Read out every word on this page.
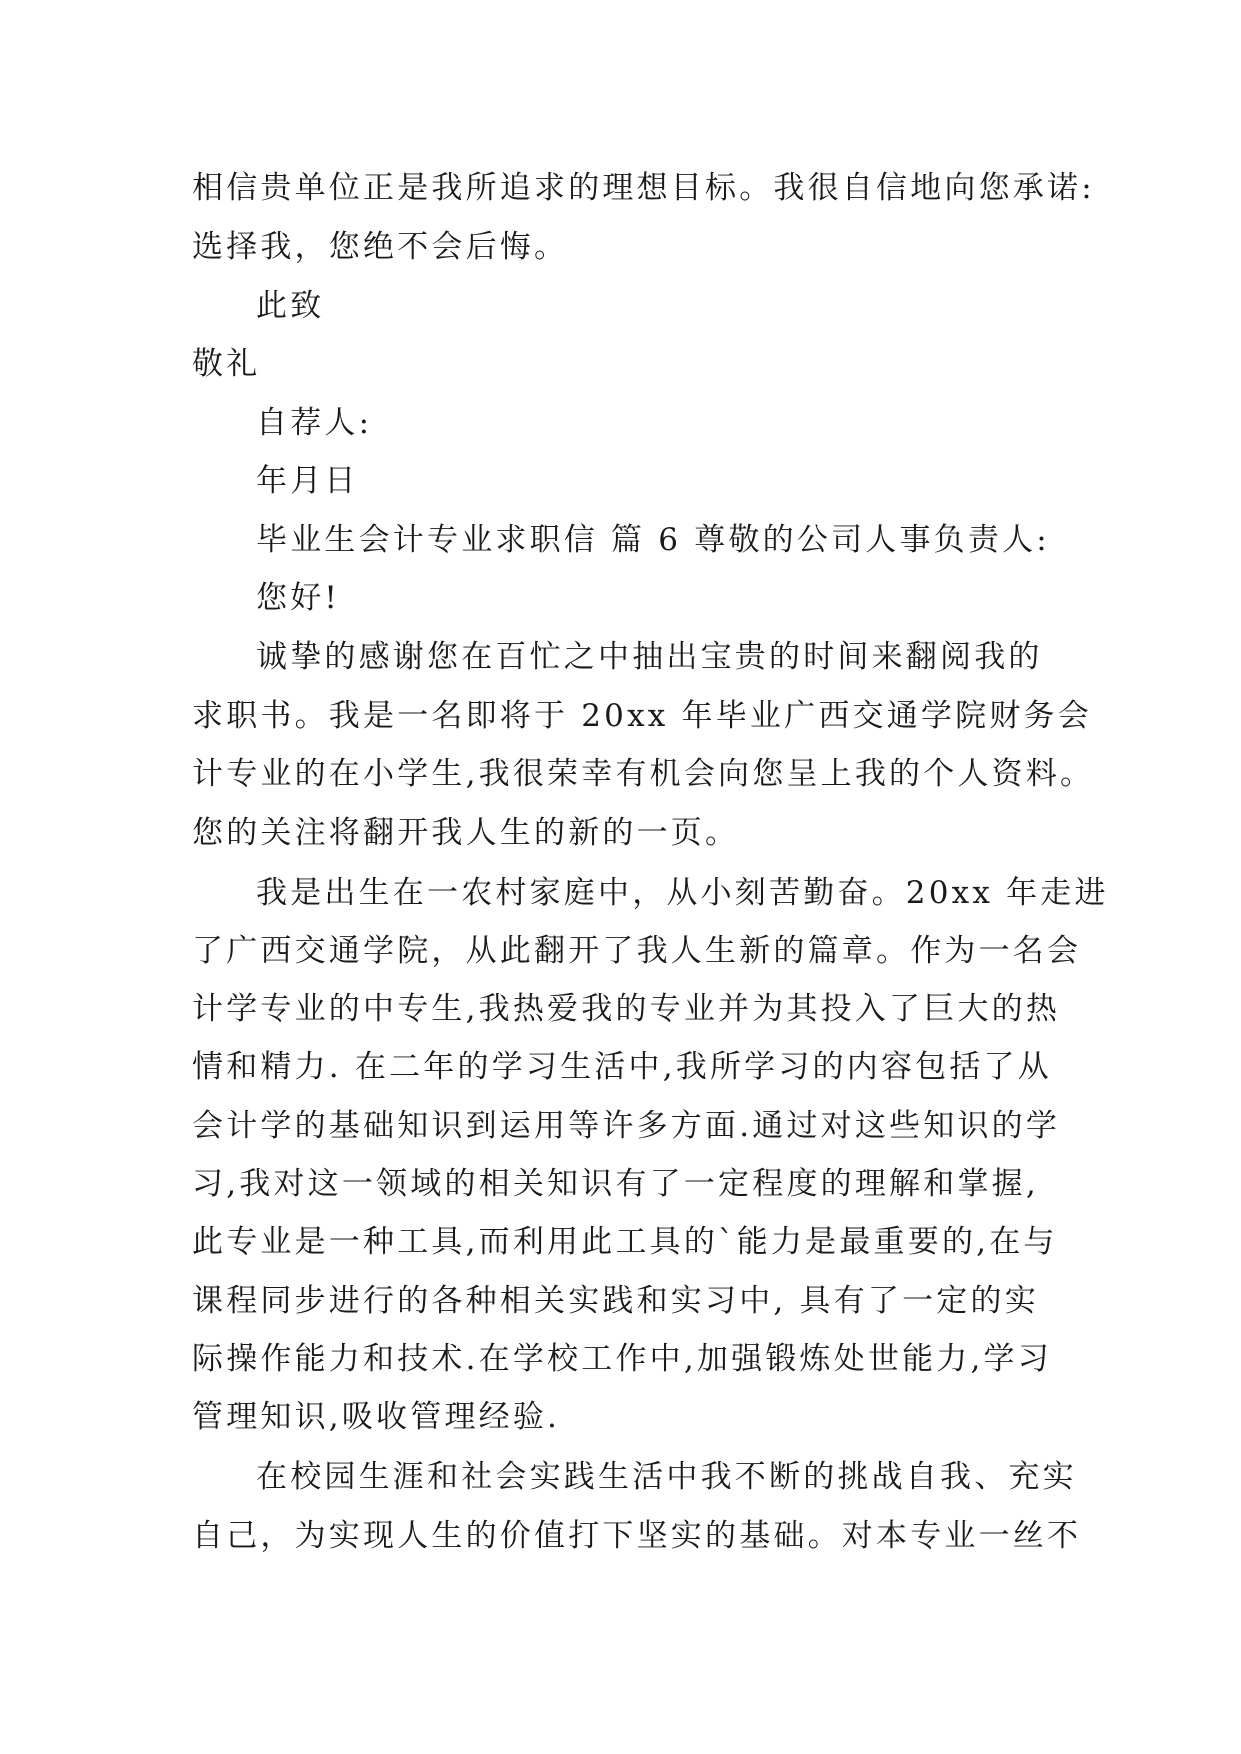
相信贵单位正是我所追求的理想目标。我很自信地向您承诺:
选择我，您绝不会后悔。
此致
敬礼
自荐人:
年月日
毕业生会计专业求职信 篇 6 尊敬的公司人事负责人:
您好!
诚挚的感谢您在百忙之中抽出宝贵的时间来翻阅我的
求职书。我是一名即将于 20xx 年毕业广西交通学院财务会
计专业的在小学生,我很荣幸有机会向您呈上我的个人资料。
您的关注将翻开我人生的新的一页。
我是出生在一农村家庭中，从小刻苦勤奋。20xx 年走进
了广西交通学院，从此翻开了我人生新的篇章。作为一名会
计学专业的中专生,我热爱我的专业并为其投入了巨大的热
情和精力. 在二年的学习生活中,我所学习的内容包括了从
会计学的基础知识到运用等许多方面.通过对这些知识的学
习,我对这一领域的相关知识有了一定程度的理解和掌握,
此专业是一种工具,而利用此工具的`能力是最重要的,在与
课程同步进行的各种相关实践和实习中, 具有了一定的实
际操作能力和技术.在学校工作中,加强锻炼处世能力,学习
管理知识,吸收管理经验.
在校园生涯和社会实践生活中我不断的挑战自我、充实
自己，为实现人生的价值打下坚实的基础。对本专业一丝不
